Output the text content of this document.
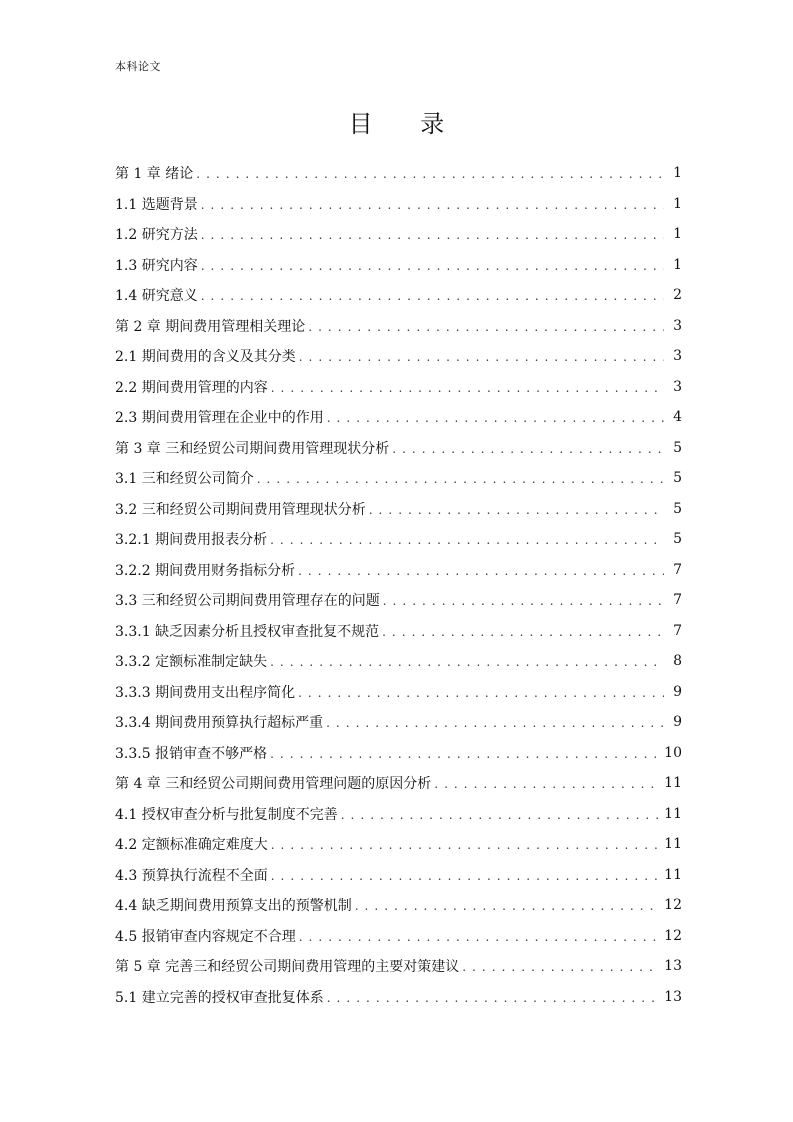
本科论文
目 录
第 1 章 绪论 . . .	1
1.1 选题背景 . . .	1
1.2 研究方法 . . .	1
1.3 研究内容 . . .	1
1.4 研究意义 . . .	2
第 2 章 期间费用管理相关理论 . . .	3
2.1 期间费用的含义及其分类 . . .	3
2.2 期间费用管理的内容 . . .	3
2.3 期间费用管理在企业中的作用 . . .	4
第 3 章 三和经贸公司期间费用管理现状分析 . . .	5
3.1 三和经贸公司简介 . . .	5
3.2 三和经贸公司期间费用管理现状分析 . . .	5
3.2.1 期间费用报表分析 . . .	5
3.2.2 期间费用财务指标分析 . . .	7
3.3 三和经贸公司期间费用管理存在的问题 . . .	7
3.3.1 缺乏因素分析且授权审查批复不规范 . . .	7
3.3.2 定额标准制定缺失 . . .	8
3.3.3 期间费用支出程序简化 . . .	9
3.3.4 期间费用预算执行超标严重 . . .	9
3.3.5 报销审查不够严格 . . .	10
第 4 章 三和经贸公司期间费用管理问题的原因分析 . . .	11
4.1 授权审查分析与批复制度不完善 . . .	11
4.2 定额标准确定难度大 . . .	11
4.3 预算执行流程不全面 . . .	11
4.4 缺乏期间费用预算支出的预警机制 . . .	12
4.5 报销审查内容规定不合理 . . .	12
第 5 章 完善三和经贸公司期间费用管理的主要对策建议 . . .	13
5.1 建立完善的授权审查批复体系 . . .	13
